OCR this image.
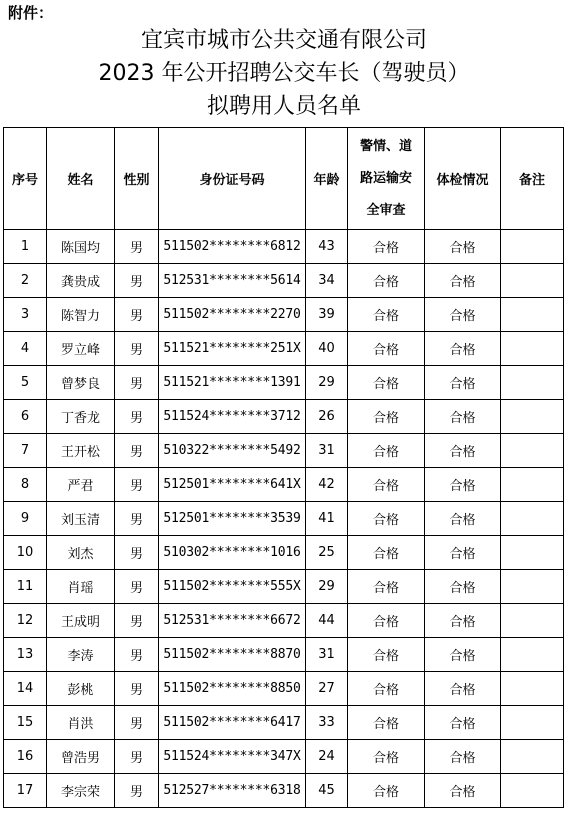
附件：
宜宾市城市公共交通有限公司
2023 年公开招聘公交车长（驾驶员）
拟聘用人员名单
序号	姓名	性别	身份证号码	年龄	警情、道路运输安全审查	体检情况	备注
1	陈国均	男	511502********6812	43	合格	合格	
2	龚贵成	男	512531********5614	34	合格	合格	
3	陈智力	男	511502********2270	39	合格	合格	
4	罗立峰	男	511521********251X	40	合格	合格	
5	曾梦良	男	511521********1391	29	合格	合格	
6	丁香龙	男	511524********3712	26	合格	合格	
7	王开松	男	510322********5492	31	合格	合格	
8	严君	男	512501********641X	42	合格	合格	
9	刘玉清	男	512501********3539	41	合格	合格	
10	刘杰	男	510302********1016	25	合格	合格	
11	肖瑶	男	511502********555X	29	合格	合格	
12	王成明	男	512531********6672	44	合格	合格	
13	李涛	男	511502********8870	31	合格	合格	
14	彭桃	男	511502********8850	27	合格	合格	
15	肖洪	男	511502********6417	33	合格	合格	
16	曾浩男	男	511524********347X	24	合格	合格	
17	李宗荣	男	512527********6318	45	合格	合格	
